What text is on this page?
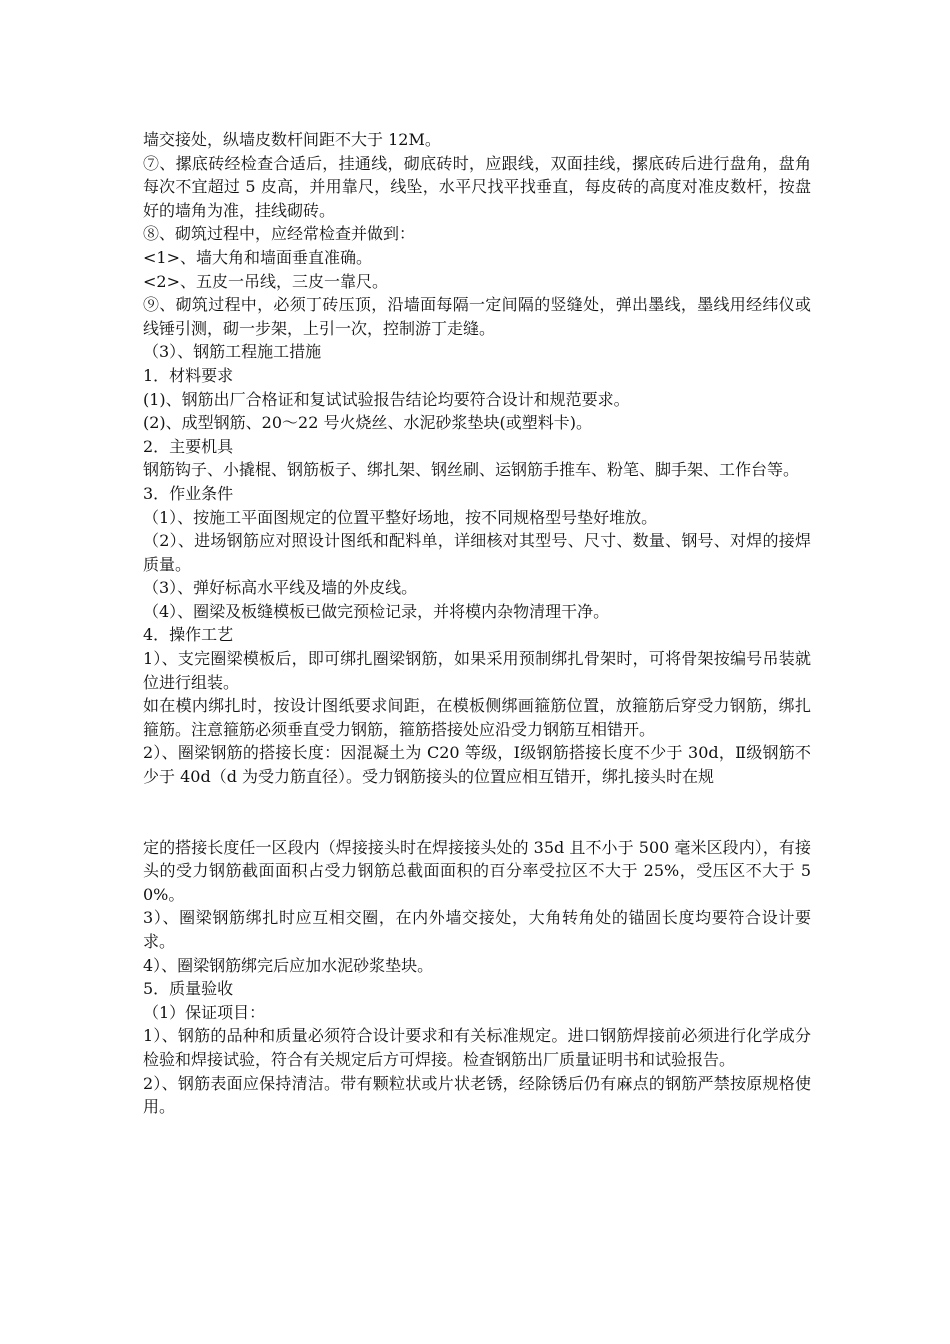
墙交接处，纵墙皮数杆间距不大于 12M。

⑦、摞底砖经检查合适后，挂通线，砌底砖时，应跟线，双面挂线，摞底砖后进行盘角，盘角每次不宜超过 5 皮高，并用靠尺，线坠，水平尺找平找垂直，每皮砖的高度对准皮数杆，按盘好的墙角为准，挂线砌砖。

⑧、砌筑过程中，应经常检查并做到：

<1>、墙大角和墙面垂直准确。

<2>、五皮一吊线，三皮一靠尺。

⑨、砌筑过程中，必须丁砖压顶，沿墙面每隔一定间隔的竖缝处，弹出墨线，墨线用经纬仪或线锤引测，砌一步架，上引一次，控制游丁走缝。

（3）、钢筋工程施工措施

1．材料要求

(1)、钢筋出厂合格证和复试试验报告结论均要符合设计和规范要求。

(2)、成型钢筋、20～22 号火烧丝、水泥砂浆垫块(或塑料卡)。

2．主要机具

钢筋钩子、小撬棍、钢筋板子、绑扎架、钢丝刷、运钢筋手推车、粉笔、脚手架、工作台等。

3．作业条件

（1）、按施工平面图规定的位置平整好场地，按不同规格型号垫好堆放。

（2）、进场钢筋应对照设计图纸和配料单，详细核对其型号、尺寸、数量、钢号、对焊的接焊质量。

（3）、弹好标高水平线及墙的外皮线。

（4）、圈梁及板缝模板已做完预检记录，并将模内杂物清理干净。

4．操作工艺

1）、支完圈梁模板后，即可绑扎圈梁钢筋，如果采用预制绑扎骨架时，可将骨架按编号吊装就位进行组装。

如在模内绑扎时，按设计图纸要求间距，在模板侧绑画箍筋位置，放箍筋后穿受力钢筋，绑扎箍筋。注意箍筋必须垂直受力钢筋，箍筋搭接处应沿受力钢筋互相错开。

2）、圈梁钢筋的搭接长度：因混凝土为 C20 等级，Ⅰ级钢筋搭接长度不少于 30d，Ⅱ级钢筋不少于 40d（d 为受力筋直径）。受力钢筋接头的位置应相互错开，绑扎接头时在规

定的搭接长度任一区段内（焊接接头时在焊接接头处的 35d 且不小于 500 毫米区段内），有接头的受力钢筋截面面积占受力钢筋总截面面积的百分率受拉区不大于 25%，受压区不大于 50%。

3）、圈梁钢筋绑扎时应互相交圈，在内外墙交接处，大角转角处的锚固长度均要符合设计要求。

4）、圈梁钢筋绑完后应加水泥砂浆垫块。

5．质量验收

（1）保证项目：

1）、钢筋的品种和质量必须符合设计要求和有关标准规定。进口钢筋焊接前必须进行化学成分检验和焊接试验，符合有关规定后方可焊接。检查钢筋出厂质量证明书和试验报告。

2）、钢筋表面应保持清洁。带有颗粒状或片状老锈，经除锈后仍有麻点的钢筋严禁按原规格使用。
